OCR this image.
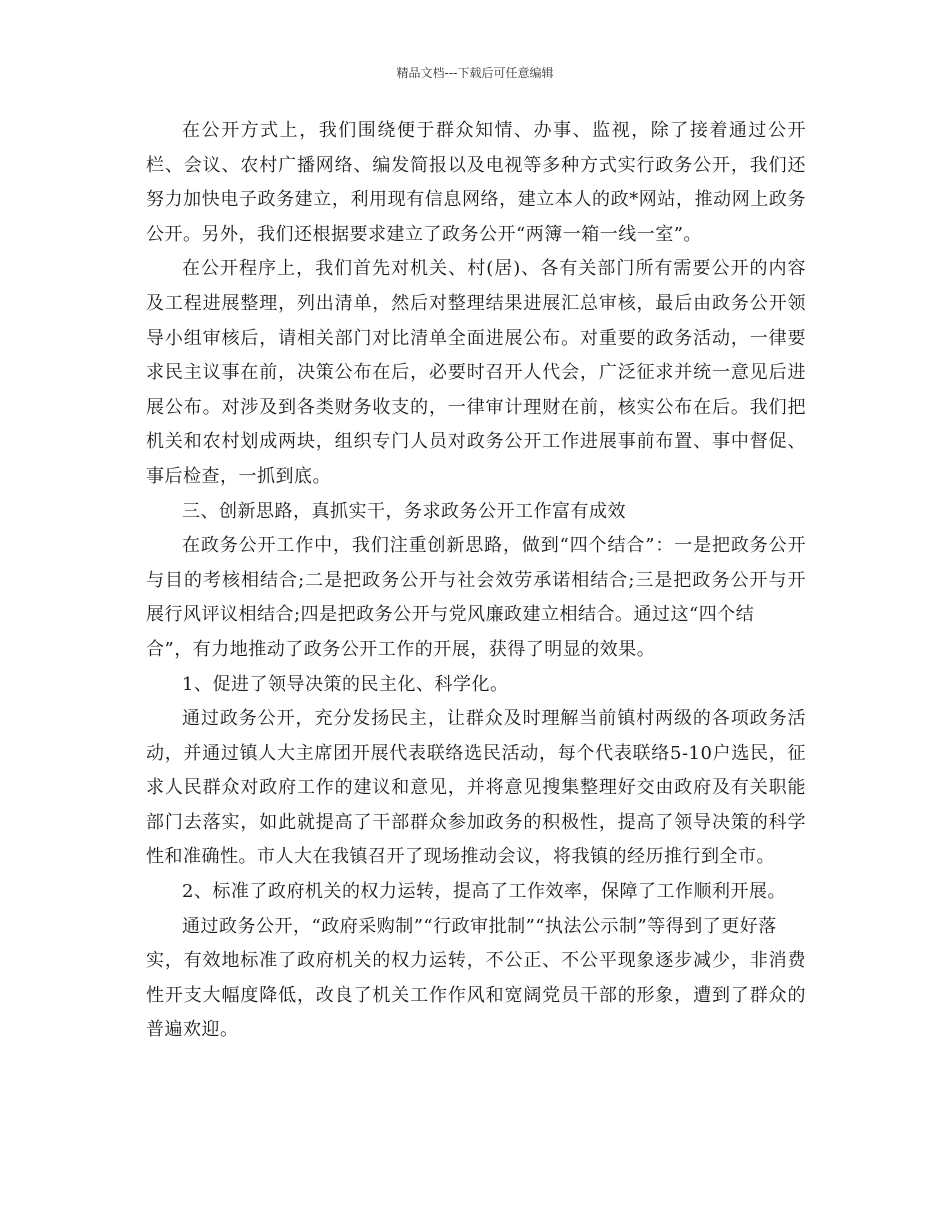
精品文档---下载后可任意编辑

在公开方式上，我们围绕便于群众知情、办事、监视，除了接着通过公开栏、会议、农村广播网络、编发简报以及电视等多种方式实行政务公开，我们还努力加快电子政务建立，利用现有信息网络，建立本人的政*网站，推动网上政务公开。另外，我们还根据要求建立了政务公开“两簿一箱一线一室”。

在公开程序上，我们首先对机关、村(居)、各有关部门所有需要公开的内容及工程进展整理，列出清单，然后对整理结果进展汇总审核，最后由政务公开领导小组审核后，请相关部门对比清单全面进展公布。对重要的政务活动，一律要求民主议事在前，决策公布在后，必要时召开人代会，广泛征求并统一意见后进展公布。对涉及到各类财务收支的，一律审计理财在前，核实公布在后。我们把机关和农村划成两块，组织专门人员对政务公开工作进展事前布置、事中督促、事后检查，一抓到底。

三、创新思路，真抓实干，务求政务公开工作富有成效

在政务公开工作中，我们注重创新思路，做到“四个结合”：一是把政务公开与目的考核相结合;二是把政务公开与社会效劳承诺相结合;三是把政务公开与开展行风评议相结合;四是把政务公开与党风廉政建立相结合。通过这“四个结
合”，有力地推动了政务公开工作的开展，获得了明显的效果。

1、促进了领导决策的民主化、科学化。

通过政务公开，充分发扬民主，让群众及时理解当前镇村两级的各项政务活动，并通过镇人大主席团开展代表联络选民活动，每个代表联络5-10户选民，征求人民群众对政府工作的建议和意见，并将意见搜集整理好交由政府及有关职能部门去落实，如此就提高了干部群众参加政务的积极性，提高了领导决策的科学性和准确性。市人大在我镇召开了现场推动会议，将我镇的经历推行到全市。

2、标准了政府机关的权力运转，提高了工作效率，保障了工作顺利开展。

通过政务公开，“政府采购制”“行政审批制”“执法公示制”等得到了更好落
实，有效地标准了政府机关的权力运转，不公正、不公平现象逐步减少，非消费性开支大幅度降低，改良了机关工作作风和宽阔党员干部的形象，遭到了群众的普遍欢迎。
